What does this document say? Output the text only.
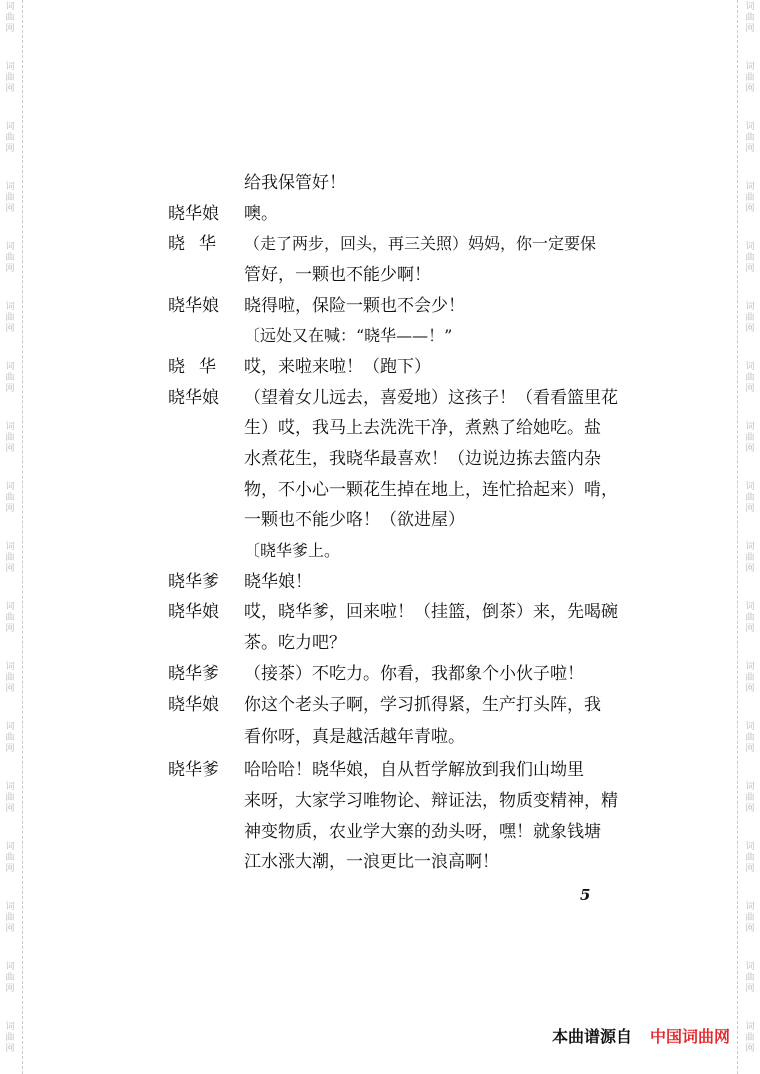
词
曲
网
词
曲
网
词
曲
网
词
曲
网
词
曲
网
词
曲
网
词
曲
网
词
曲
网
词
曲
网
词
曲
网
词
曲
网
词
曲
网
词
曲
网
词
曲
网
词
曲
网
词
曲
网
词
曲
网
词
曲
网
词
曲
网
词
曲
网
词
曲
网
词
曲
网
词
曲
网
词
曲
网
词
曲
网
词
曲
网
词
曲
网
词
曲
网
词
曲
网
词
曲
网
词
曲
网
词
曲
网
词
曲
网
词
曲
网
词
曲
网
词
曲
网
给我保管好！
晓华娘	噢。
晓华 （走了两步，回头，再三关照）妈妈，你一定要保
管好，一颗也不能少啊！
晓华娘	晓得啦，保险一颗也不会少！
〔远处又在喊：“晓华——！”
晓华 哎，来啦来啦！（跑下）
晓华娘	（望着女儿远去，喜爱地）这孩子！（看看篮里花
生）哎，我马上去洗洗干净，煮熟了给她吃。盐
水煮花生，我晓华最喜欢！（边说边拣去篮内杂
物，不小心一颗花生掉在地上，连忙拾起来）啃，
一颗也不能少咯！（欲进屋）
〔晓华爹上。
晓华爹	晓华娘！
晓华娘	哎，晓华爹，回来啦！（挂篮，倒茶）来，先喝碗
茶。吃力吧？
晓华爹	（接茶）不吃力。你看，我都象个小伙子啦！
晓华娘	你这个老头子啊，学习抓得紧，生产打头阵，我
看你呀，真是越活越年青啦。
晓华爹	哈哈哈！晓华娘，自从哲学解放到我们山坳里
来呀，大家学习唯物论、辩证法，物质变精神，精
神变物质，农业学大寨的劲头呀，嘿！就象钱塘
江水涨大潮，一浪更比一浪高啊！
5
本曲谱源自 中国词曲网
